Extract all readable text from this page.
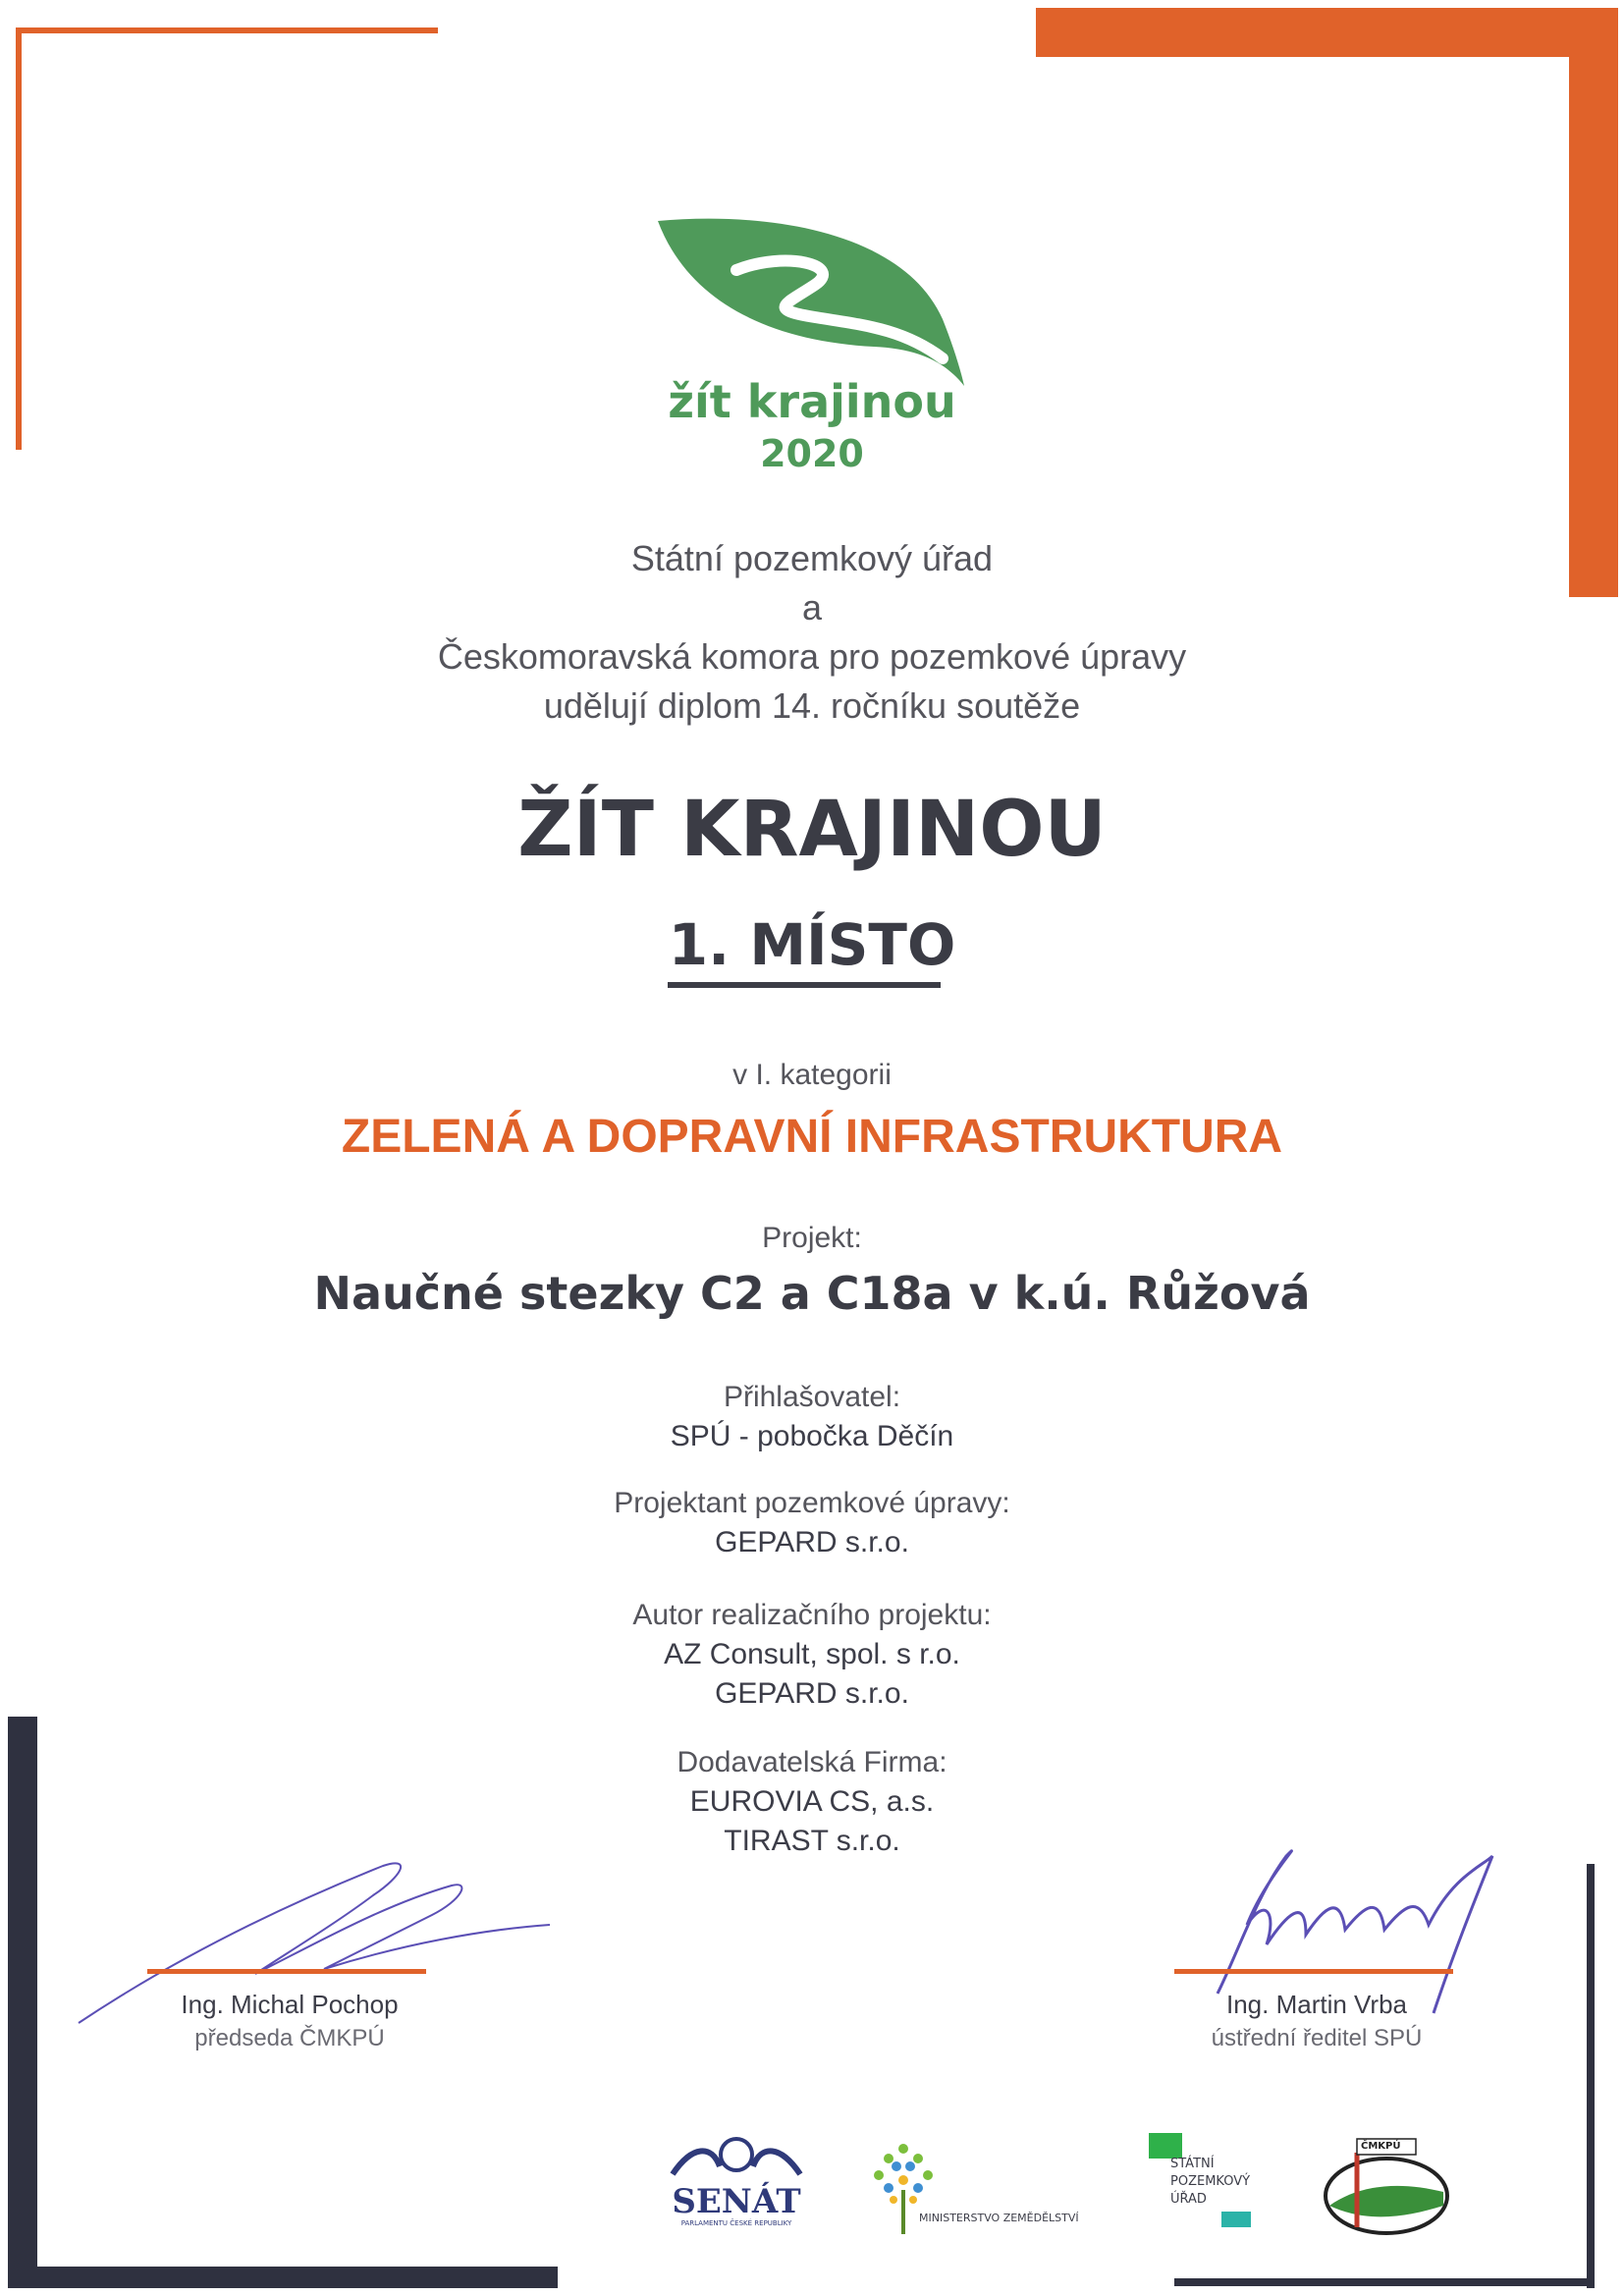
žít krajinou
2020
Státní pozemkový úřad
a
Českomoravská komora pro pozemkové úpravy
udělují diplom 14. ročníku soutěže
ŽÍT KRAJINOU
1. MÍSTO
v I. kategorii
ZELENÁ A DOPRAVNÍ INFRASTRUKTURA
Projekt:
Naučné stezky C2 a C18a v k.ú. Růžová
Přihlašovatel:
SPÚ - pobočka Děčín
Projektant pozemkové úpravy:
GEPARD s.r.o.
Autor realizačního projektu:
AZ Consult, spol. s r.o.
GEPARD s.r.o.
Dodavatelská Firma:
EUROVIA CS, a.s.
TIRAST s.r.o.
Ing. Michal Pochop
předseda ČMKPÚ
Ing. Martin Vrba
ústřední ředitel SPÚ
SENÁT
PARLAMENTU ČESKÉ REPUBLIKY	MINISTERSTVO ZEMĚDĚLSTVÍ
STÁTNÍ
POZEMKOVÝ
ÚŘAD
ČMKPÚ
